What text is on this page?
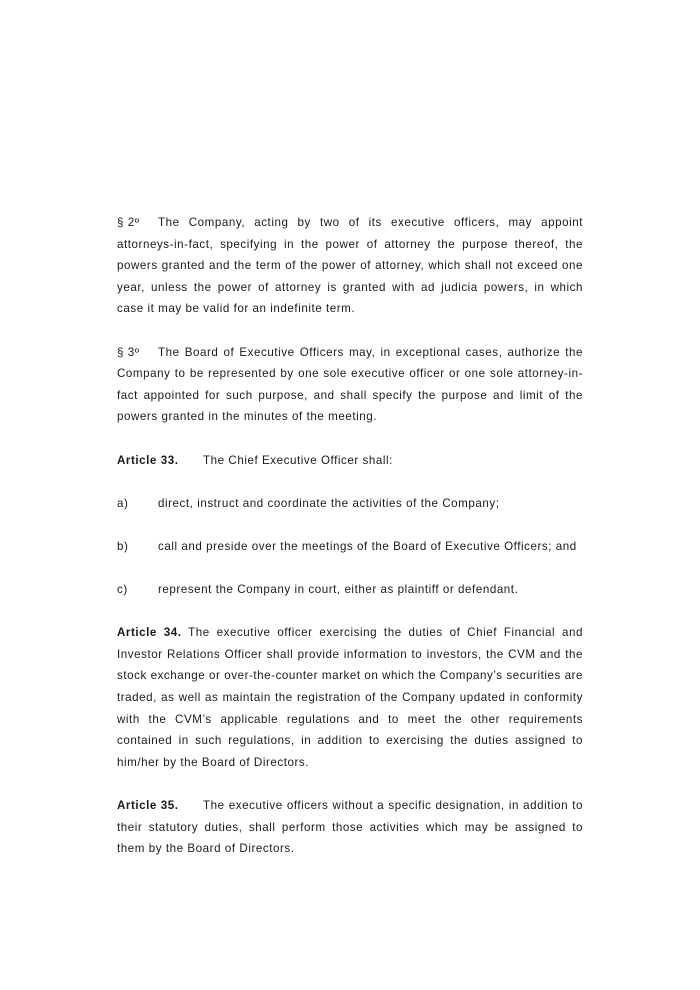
§ 2º The Company, acting by two of its executive officers, may appoint attorneys-in-fact, specifying in the power of attorney the purpose thereof, the powers granted and the term of the power of attorney, which shall not exceed one year, unless the power of attorney is granted with ad judicia powers, in which case it may be valid for an indefinite term.

§ 3º The Board of Executive Officers may, in exceptional cases, authorize the Company to be represented by one sole executive officer or one sole attorney-in-fact appointed for such purpose, and shall specify the purpose and limit of the powers granted in the minutes of the meeting.

Article 33. The Chief Executive Officer shall:

a)	direct, instruct and coordinate the activities of the Company;

b)	call and preside over the meetings of the Board of Executive Officers; and

c)	represent the Company in court, either as plaintiff or defendant.

Article 34. The executive officer exercising the duties of Chief Financial and Investor Relations Officer shall provide information to investors, the CVM and the stock exchange or over-the-counter market on which the Company’s securities are traded, as well as maintain the registration of the Company updated in conformity with the CVM’s applicable regulations and to meet the other requirements contained in such regulations, in addition to exercising the duties assigned to him/her by the Board of Directors.

Article 35. The executive officers without a specific designation, in addition to their statutory duties, shall perform those activities which may be assigned to them by the Board of Directors.
